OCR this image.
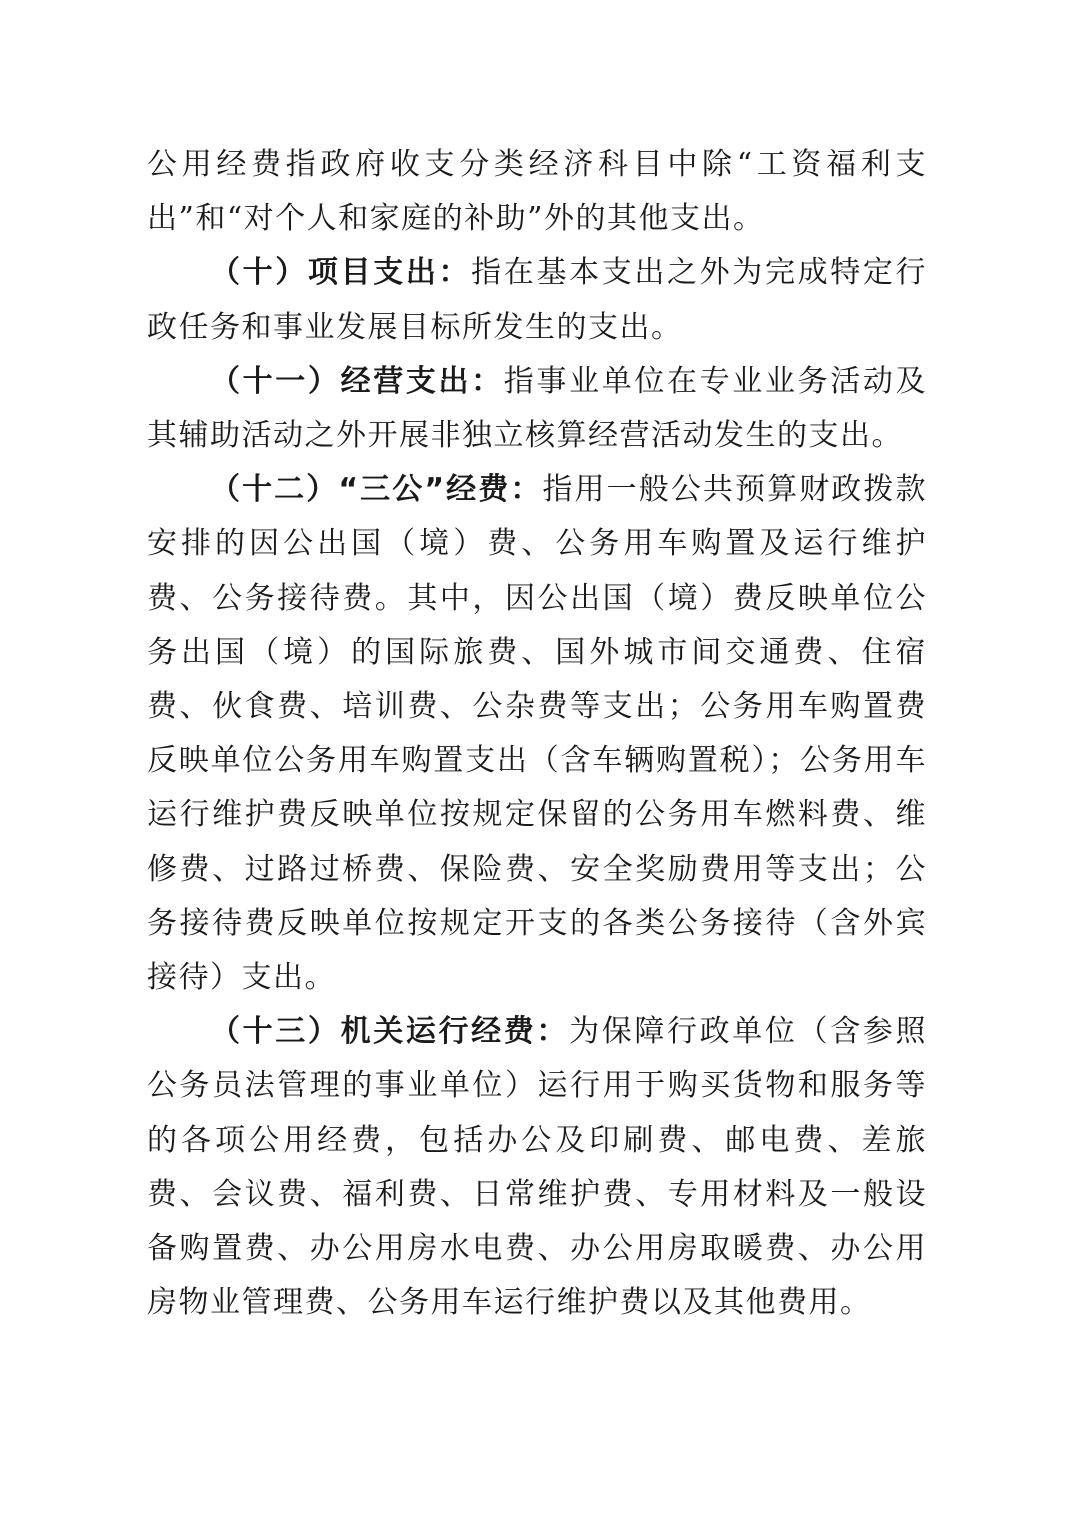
公用经费指政府收支分类经济科目中除“工资福利支出”和“对个人和家庭的补助”外的其他支出。

（十）项目支出：指在基本支出之外为完成特定行政任务和事业发展目标所发生的支出。

（十一）经营支出：指事业单位在专业业务活动及其辅助活动之外开展非独立核算经营活动发生的支出。

（十二）“三公”经费：指用一般公共预算财政拨款安排的因公出国（境）费、公务用车购置及运行维护费、公务接待费。其中，因公出国（境）费反映单位公务出国（境）的国际旅费、国外城市间交通费、住宿费、伙食费、培训费、公杂费等支出；公务用车购置费反映单位公务用车购置支出（含车辆购置税）；公务用车运行维护费反映单位按规定保留的公务用车燃料费、维修费、过路过桥费、保险费、安全奖励费用等支出；公务接待费反映单位按规定开支的各类公务接待（含外宾接待）支出。

（十三）机关运行经费：为保障行政单位（含参照公务员法管理的事业单位）运行用于购买货物和服务等的各项公用经费，包括办公及印刷费、邮电费、差旅费、会议费、福利费、日常维护费、专用材料及一般设备购置费、办公用房水电费、办公用房取暖费、办公用房物业管理费、公务用车运行维护费以及其他费用。
